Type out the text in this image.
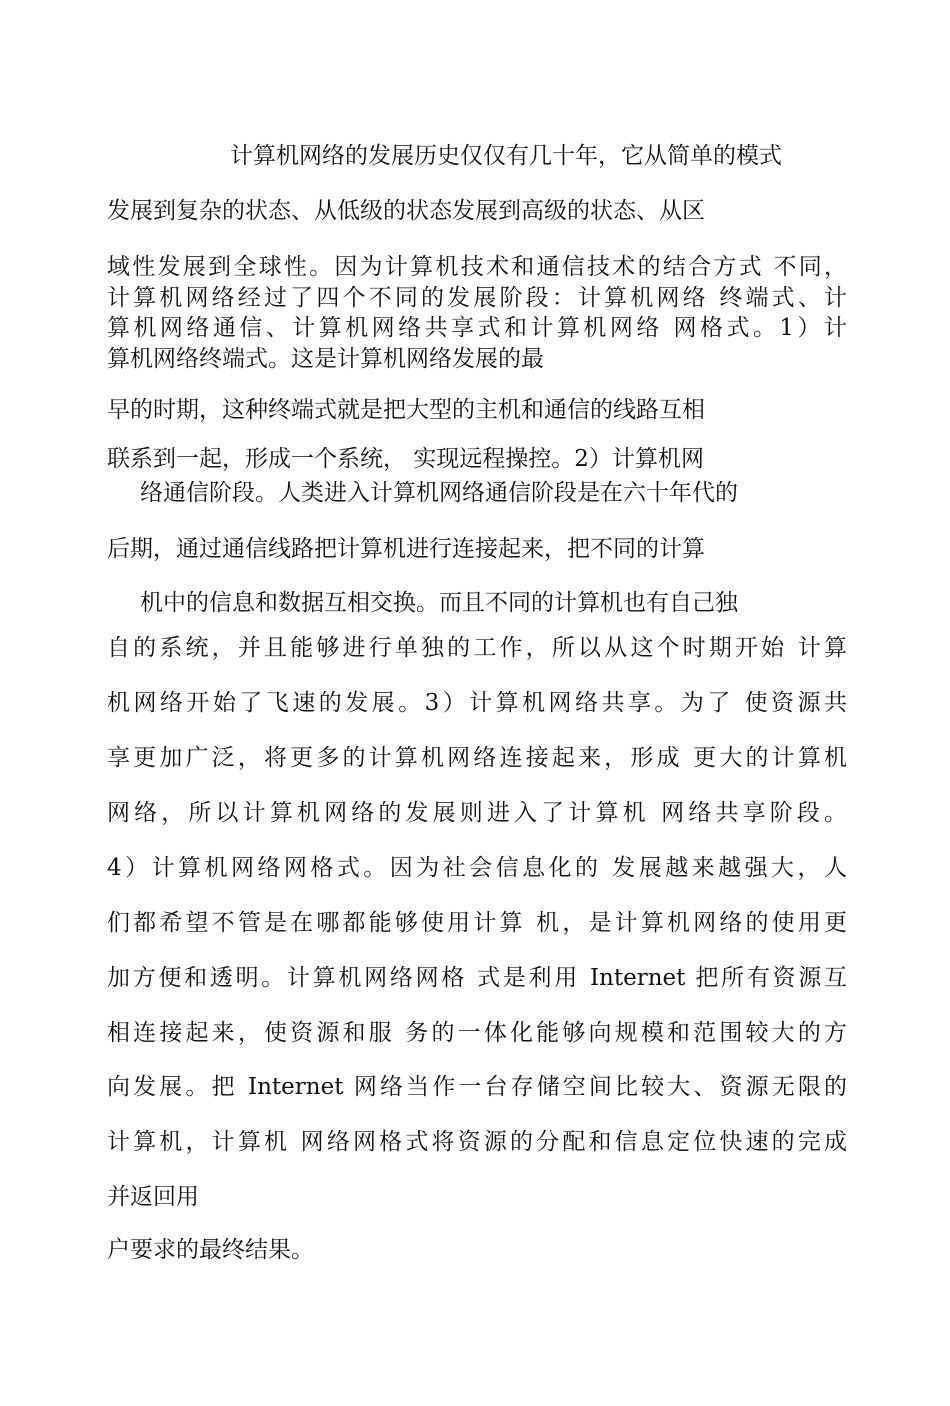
计算机网络的发展历史仅仅有几十年，它从简单的模式
发展到复杂的状态、从低级的状态发展到高级的状态、从区
域性发展到全球性。因为计算机技术和通信技术的结合方式 不同，
计算机网络经过了四个不同的发展阶段：计算机网络 终端式、计
算机网络通信、计算机网络共享式和计算机网络 网格式。1）计
算机网络终端式。这是计算机网络发展的最
早的时期，这种终端式就是把大型的主机和通信的线路互相
联系到一起，形成一个系统， 实现远程操控。2）计算机网
络通信阶段。人类进入计算机网络通信阶段是在六十年代的
后期，通过通信线路把计算机进行连接起来，把不同的计算
机中的信息和数据互相交换。而且不同的计算机也有自己独
自的系统，并且能够进行单独的工作，所以从这个时期开始 计算
机网络开始了飞速的发展。3）计算机网络共享。为了 使资源共
享更加广泛，将更多的计算机网络连接起来，形成 更大的计算机
网络，所以计算机网络的发展则进入了计算机 网络共享阶段。
4）计算机网络网格式。因为社会信息化的 发展越来越强大，人
们都希望不管是在哪都能够使用计算 机，是计算机网络的使用更
加方便和透明。计算机网络网格 式是利用 Internet 把所有资源互
相连接起来，使资源和服 务的一体化能够向规模和范围较大的方
向发展。把 Internet 网络当作一台存储空间比较大、资源无限的
计算机，计算机 网络网格式将资源的分配和信息定位快速的完成
并返回用
户要求的最终结果。
